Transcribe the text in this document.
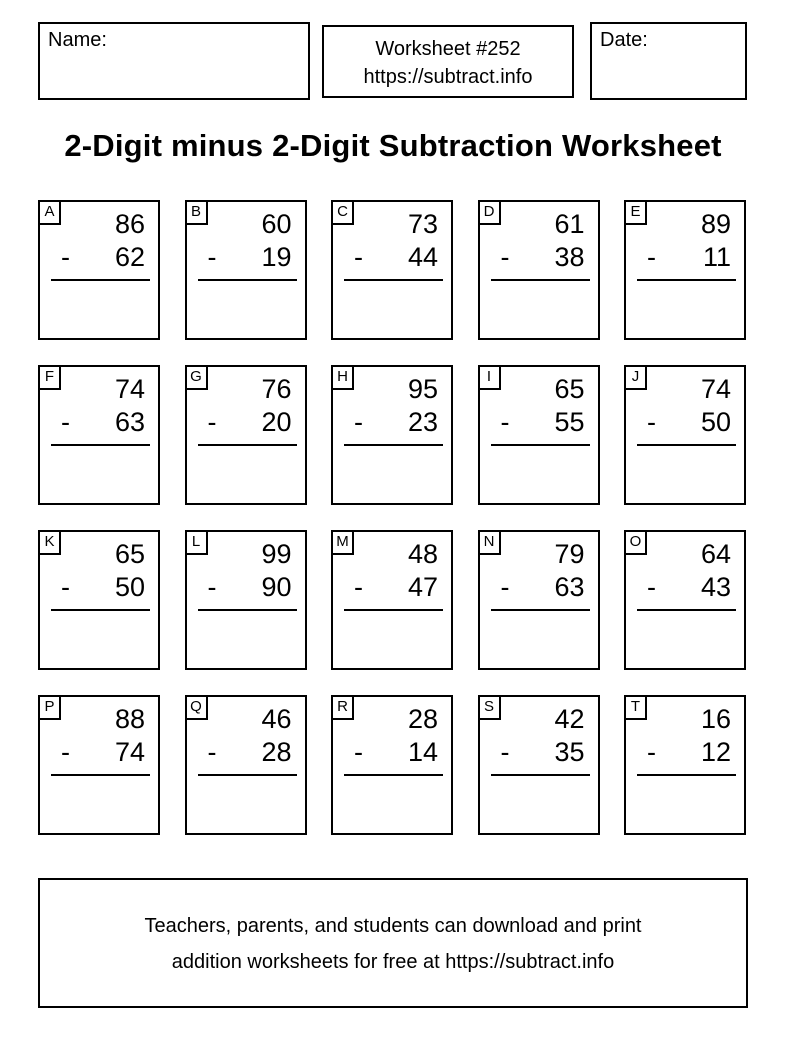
Name:	Worksheet #252
https://subtract.info
Date:
2-Digit minus 2-Digit Subtraction Worksheet
A	86
- 62
B	60
- 19
C	73
- 44
D	61
- 38
E	89
- 11
F	74
- 63
G	76
- 20
H	95
- 23
I	65
- 55
J	74
- 50
K	65
- 50
L	99
- 90
M	48
- 47
N	79
- 63
O	64
- 43
P	88
- 74
Q	46
- 28
R	28
- 14
S	42
- 35
T	16
- 12
Teachers, parents, and students can download and print
addition worksheets for free at https://subtract.info
